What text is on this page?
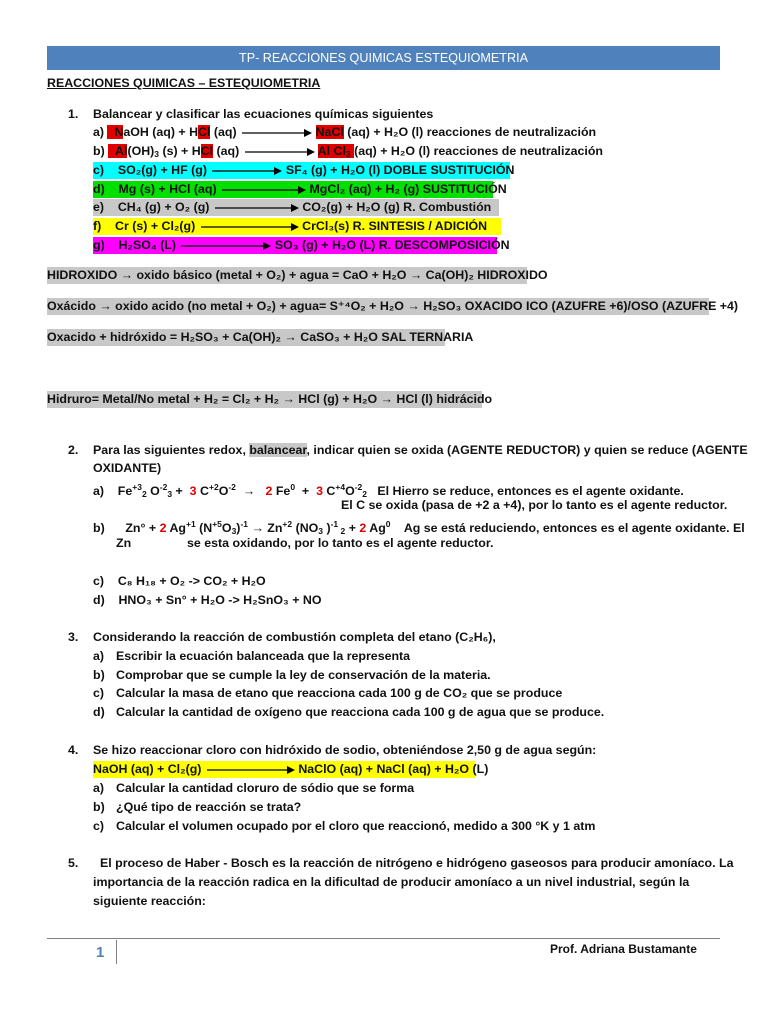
TP- REACCIONES QUIMICAS ESTEQUIOMETRIA
REACCIONES QUIMICAS – ESTEQUIOMETRIA
1. Balancear y clasificar las ecuaciones químicas siguientes
a)   NaOH (aq) + HCl (aq)	NaCl (aq) + H₂O (l) reacciones de neutralización
b)   $Al(OH)_3$ (s) + HCl (aq)	Al $Cl_3$ (aq) + H₂O (l) reacciones de neutralización
c) SO₂(g) + HF (g)	SF₄ (g) + H₂O (l) DOBLE SUSTITUCIÓN
d) Mg (s) + HCl (aq)	MgCl₂ (aq) + H₂ (g) SUSTITUCIÓN
e) CH₄ (g) + O₂ (g)	CO₂(g) + H₂O (g) R. Combustión
f) Cr (s) + Cl₂(g)	CrCl₃(s) R. SINTESIS / ADICIÓN
g) H₂SO₄ (L)	SO₃ (g) + H₂O (L) R. DESCOMPOSICIÓN
HIDROXIDO → oxido básico (metal + O₂) + agua = CaO + H₂O → Ca(OH)₂ HIDROXIDO
Oxácido → oxido acido (no metal + O₂) + agua= S⁺⁴O₂ + H₂O → H₂SO₃ OXACIDO ICO (AZUFRE +6)/OSO (AZUFRE +4)
Oxacido + hidróxido = H₂SO₃ + Ca(OH)₂ → CaSO₃ + H₂O SAL TERNARIA
Hidruro= Metal/No metal + H₂ = Cl₂ + H₂ → HCl (g) + H₂O → HCl (l) hidrácido
2. Para las siguientes redox, balancear, indicar quien se oxida (AGENTE REDUCTOR) y quien se reduce (AGENTE
OXIDANTE)
a)    $Fe^{+3}_2$ $O^{-2}_3 + 3$ $C^{+2}O^{-2} \to 2$ Fe$^0$  +  3 $C^{+4}O^{-2}_2$ El Hierro se reduce, entonces es el agente oxidante.
El C se oxida (pasa de +2 a +4), por lo tanto es el agente reductor.
b)      Zn° + 2 $Ag^{+1}$ $(N^{+5}O_3)^{-1} \to Zn^{+2}$ ($NO_3$ )$^{-1}$ $_2$ + 2 Ag$^0$ Ag se está reduciendo, entonces es el agente oxidante. El
Zn	se esta oxidando, por lo tanto es el agente reductor.
c) C₈ H₁₈ + O₂ -> CO₂ + H₂O
d) HNO₃ + Sn° + H₂O -> H₂SnO₃ + NO
3. Considerando la reacción de combustión completa del etano (C₂H₆),
a) Escribir la ecuación balanceada que la representa
b) Comprobar que se cumple la ley de conservación de la materia.
c) Calcular la masa de etano que reacciona cada 100 g de CO₂ que se produce
d) Calcular la cantidad de oxígeno que reacciona cada 100 g de agua que se produce.
4. Se hizo reaccionar cloro con hidróxido de sodio, obteniéndose 2,50 g de agua según:
NaOH (aq) + Cl₂(g)	NaClO (aq) + NaCl (aq) + H₂O (L)
a) Calcular la cantidad cloruro de sódio que se forma
b) ¿Qué tipo de reacción se trata?
c) Calcular el volumen ocupado por el cloro que reaccionó, medido a 300 °K y 1 atm
5. El proceso de Haber - Bosch es la reacción de nitrógeno e hidrógeno gaseosos para producir amoníaco. La
importancia de la reacción radica en la dificultad de producir amoníaco a un nivel industrial, según la
siguiente reacción:
1	Prof. Adriana Bustamante
